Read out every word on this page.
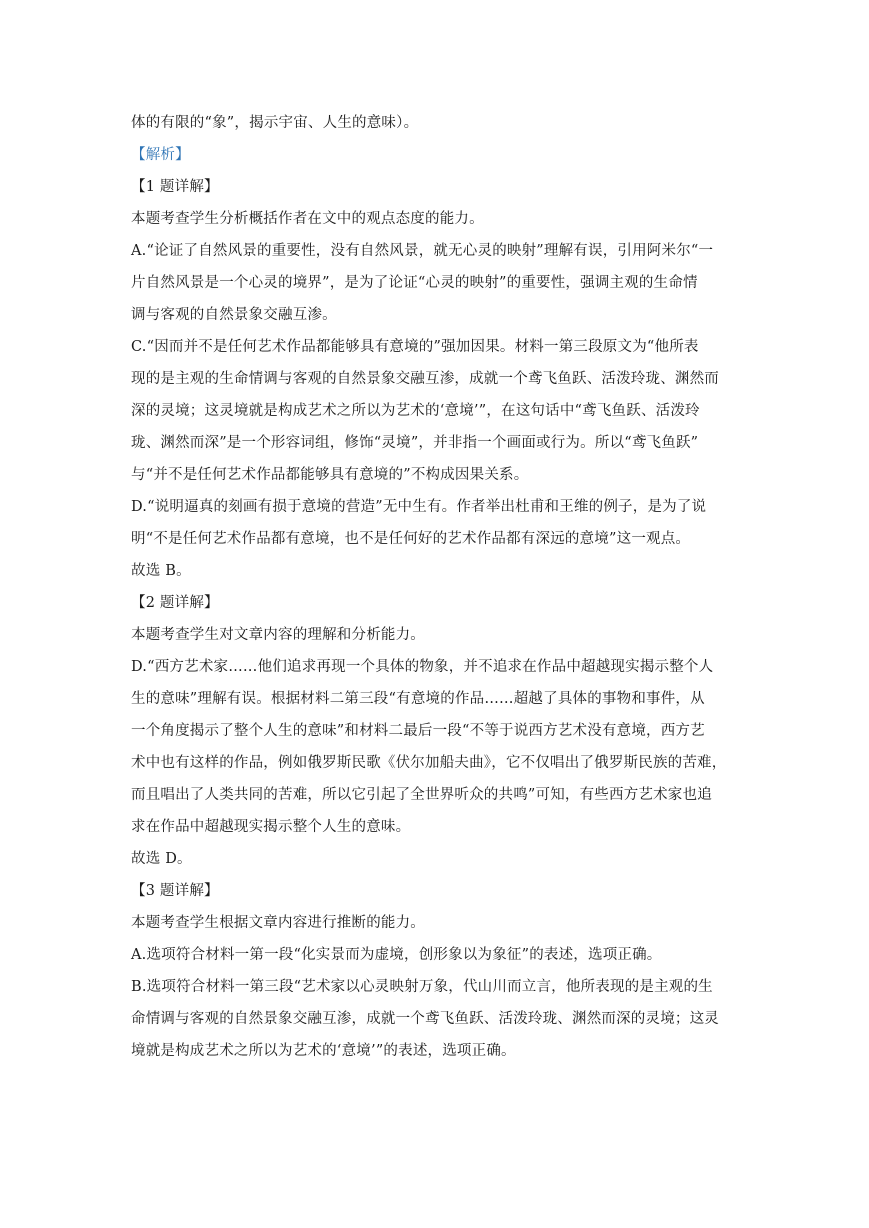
体的有限的“象”，揭示宇宙、人生的意味）。
【解析】
【1 题详解】
本题考查学生分析概括作者在文中的观点态度的能力。
A.“论证了自然风景的重要性，没有自然风景，就无心灵的映射”理解有误，引用阿米尔“一
片自然风景是一个心灵的境界”，是为了论证“心灵的映射”的重要性，强调主观的生命情
调与客观的自然景象交融互渗。
C.“因而并不是任何艺术作品都能够具有意境的”强加因果。材料一第三段原文为“他所表
现的是主观的生命情调与客观的自然景象交融互渗，成就一个鸢飞鱼跃、活泼玲珑、渊然而
深的灵境；这灵境就是构成艺术之所以为艺术的‘意境’”，在这句话中“鸢飞鱼跃、活泼玲
珑、渊然而深”是一个形容词组，修饰“灵境”，并非指一个画面或行为。所以“鸢飞鱼跃”
与“并不是任何艺术作品都能够具有意境的”不构成因果关系。
D.“说明逼真的刻画有损于意境的营造”无中生有。作者举出杜甫和王维的例子，是为了说
明“不是任何艺术作品都有意境，也不是任何好的艺术作品都有深远的意境”这一观点。
故选 B。
【2 题详解】
本题考查学生对文章内容的理解和分析能力。
D.“西方艺术家……他们追求再现一个具体的物象，并不追求在作品中超越现实揭示整个人
生的意味”理解有误。根据材料二第三段“有意境的作品……超越了具体的事物和事件，从
一个角度揭示了整个人生的意味”和材料二最后一段“不等于说西方艺术没有意境，西方艺
术中也有这样的作品，例如俄罗斯民歌《伏尔加船夫曲》，它不仅唱出了俄罗斯民族的苦难，
而且唱出了人类共同的苦难，所以它引起了全世界听众的共鸣”可知，有些西方艺术家也追
求在作品中超越现实揭示整个人生的意味。
故选 D。
【3 题详解】
本题考查学生根据文章内容进行推断的能力。
A.选项符合材料一第一段“化实景而为虚境，创形象以为象征”的表述，选项正确。
B.选项符合材料一第三段“艺术家以心灵映射万象，代山川而立言，他所表现的是主观的生
命情调与客观的自然景象交融互渗，成就一个鸢飞鱼跃、活泼玲珑、渊然而深的灵境；这灵
境就是构成艺术之所以为艺术的‘意境’”的表述，选项正确。
